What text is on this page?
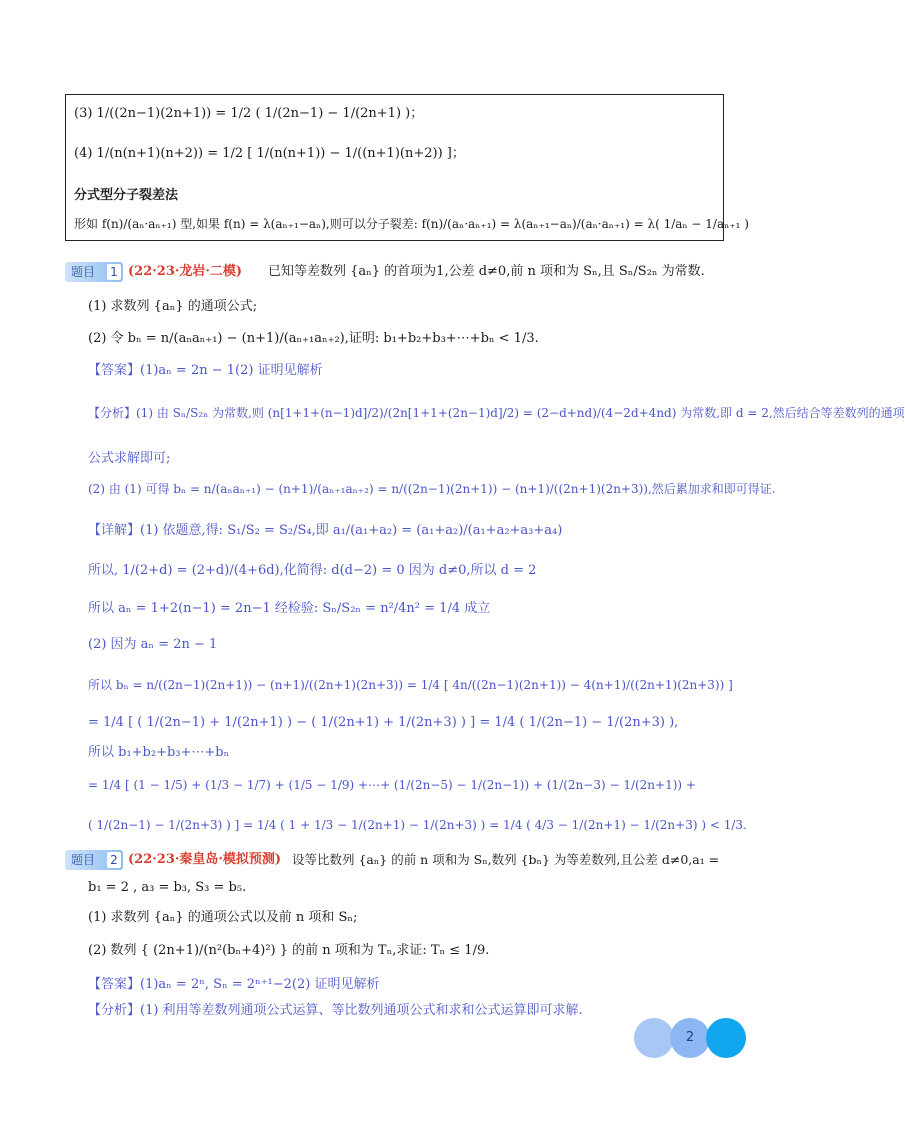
(3) 1/((2n−1)(2n+1)) = 1/2 ( 1/(2n−1) − 1/(2n+1) )；
(4) 1/(n(n+1)(n+2)) = 1/2 [ 1/(n(n+1)) − 1/((n+1)(n+2)) ]；
分式型分子裂差法
形如 f(n)/(aₙ·aₙ₊₁) 型,如果 f(n) = λ(aₙ₊₁−aₙ),则可以分子裂差: f(n)/(aₙ·aₙ₊₁) = λ(aₙ₊₁−aₙ)/(aₙ·aₙ₊₁) = λ( 1/aₙ − 1/aₙ₊₁ )
题目 1 (22·23·龙岩·二模) 已知等差数列 {aₙ} 的首项为1,公差 d≠0,前 n 项和为 Sₙ,且 Sₙ/S₂ₙ 为常数.
(1) 求数列 {aₙ} 的通项公式;
(2) 令 bₙ = n/(aₙaₙ₊₁) − (n+1)/(aₙ₊₁aₙ₊₂),证明: b₁+b₂+b₃+⋯+bₙ < 1/3.
【答案】(1)aₙ = 2n − 1(2) 证明见解析
【分析】(1) 由 Sₙ/S₂ₙ 为常数,则 (n[1+1+(n−1)d]/2)/(2n[1+1+(2n−1)d]/2) = (2−d+nd)/(4−2d+4nd) 为常数,即 d = 2,然后结合等差数列的通项
公式求解即可;
(2) 由 (1) 可得 bₙ = n/(aₙaₙ₊₁) − (n+1)/(aₙ₊₁aₙ₊₂) = n/((2n−1)(2n+1)) − (n+1)/((2n+1)(2n+3)),然后累加求和即可得证.
【详解】(1) 依题意,得: S₁/S₂ = S₂/S₄,即 a₁/(a₁+a₂) = (a₁+a₂)/(a₁+a₂+a₃+a₄)
所以, 1/(2+d) = (2+d)/(4+6d),化简得: d(d−2) = 0 因为 d≠0,所以 d = 2
所以 aₙ = 1+2(n−1) = 2n−1 经检验: Sₙ/S₂ₙ = n²/4n² = 1/4 成立
(2) 因为 aₙ = 2n − 1
所以 bₙ = n/((2n−1)(2n+1)) − (n+1)/((2n+1)(2n+3)) = 1/4 [ 4n/((2n−1)(2n+1)) − 4(n+1)/((2n+1)(2n+3)) ]
= 1/4 [ ( 1/(2n−1) + 1/(2n+1) ) − ( 1/(2n+1) + 1/(2n+3) ) ] = 1/4 ( 1/(2n−1) − 1/(2n+3) ),
所以 b₁+b₂+b₃+⋯+bₙ
= 1/4 [ (1 − 1/5) + (1/3 − 1/7) + (1/5 − 1/9) +⋯+ (1/(2n−5) − 1/(2n−1)) + (1/(2n−3) − 1/(2n+1)) +
( 1/(2n−1) − 1/(2n+3) ) ] = 1/4 ( 1 + 1/3 − 1/(2n+1) − 1/(2n+3) ) = 1/4 ( 4/3 − 1/(2n+1) − 1/(2n+3) ) < 1/3.
题目 2 (22·23·秦皇岛·模拟预测) 设等比数列 {aₙ} 的前 n 项和为 Sₙ,数列 {bₙ} 为等差数列,且公差 d≠0,a₁ =
b₁ = 2 , a₃ = b₃, S₃ = b₅.
(1) 求数列 {aₙ} 的通项公式以及前 n 项和 Sₙ;
(2) 数列 { (2n+1)/(n²(bₙ+4)²) } 的前 n 项和为 Tₙ,求证: Tₙ ≤ 1/9.
【答案】(1)aₙ = 2ⁿ, Sₙ = 2ⁿ⁺¹−2(2) 证明见解析
【分析】(1) 利用等差数列通项公式运算、等比数列通项公式和求和公式运算即可求解.
2
